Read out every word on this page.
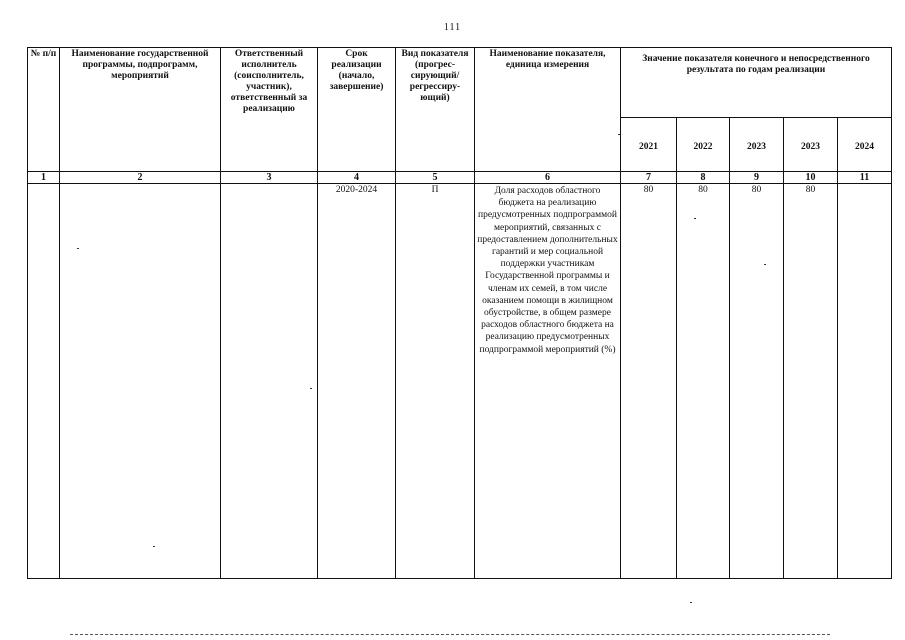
111
№ п/п	Наименование государственной программы, подпрограмм, мероприятий	Ответственный исполнитель (соисполнитель, участник), ответственный за реализацию	Срок реализации (начало, завершение)	Вид показателя (прогрес-сирующий/ регрессиру-ющий)	Наименование показателя, единица измерения	Значение показателя конечного и непосредственного результата по годам реализации				
						2021	2022	2023	2023	2024
1	2	3	4	5	6	7	8	9	10	11
			2020-2024	П	Доля расходов областного бюджета на реализацию предусмотренных подпрограммой мероприятий, связанных с предоставлением дополнительных гарантий и мер социальной поддержки участникам Государственной программы и членам их семей, в том числе оказанием помощи в жилищном обустройстве, в общем размере расходов областного бюджета на реализацию предусмотренных подпрограммой мероприятий (%)	80	80	80	80	
